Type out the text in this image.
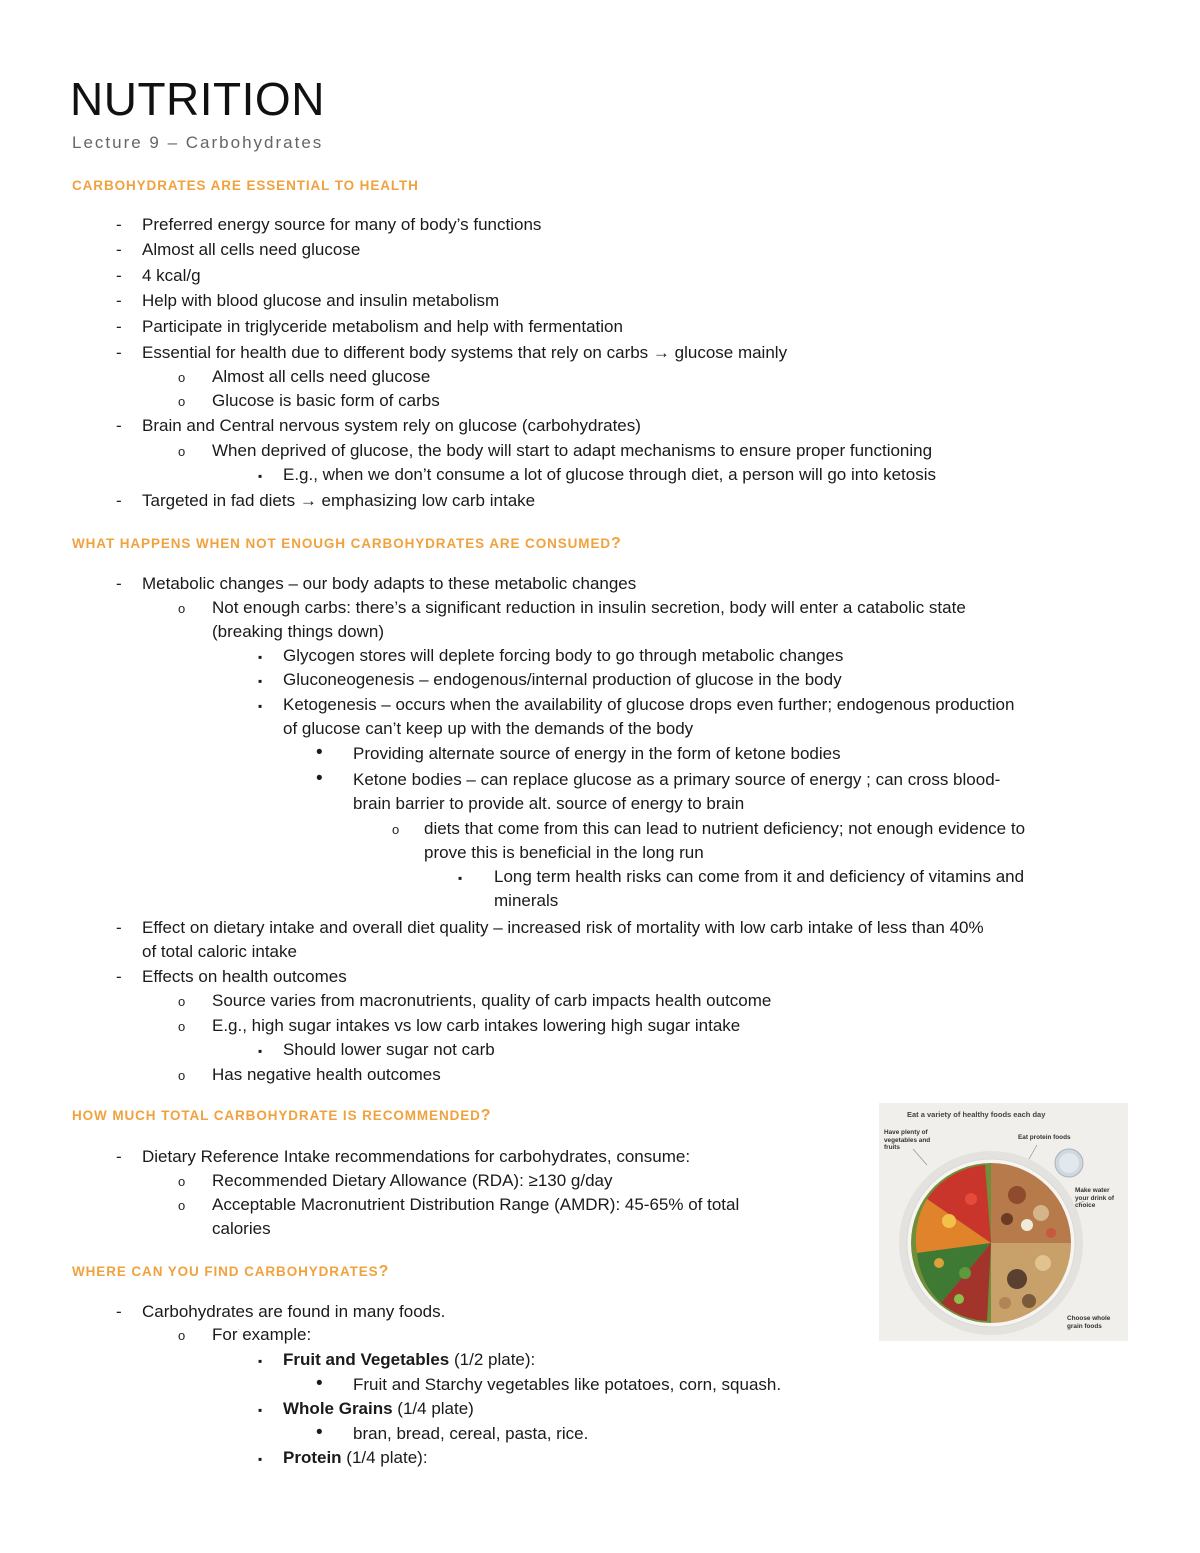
NUTRITION
Lecture 9 – Carbohydrates
CARBOHYDRATES ARE ESSENTIAL TO HEALTH
- Preferred energy source for many of body’s functions
- Almost all cells need glucose
- 4 kcal/g
- Help with blood glucose and insulin metabolism
- Participate in triglyceride metabolism and help with fermentation
- Essential for health due to different body systems that rely on carbs → glucose mainly
o Almost all cells need glucose
o Glucose is basic form of carbs
- Brain and Central nervous system rely on glucose (carbohydrates)
o When deprived of glucose, the body will start to adapt mechanisms to ensure proper functioning
▪ E.g., when we don’t consume a lot of glucose through diet, a person will go into ketosis
- Targeted in fad diets → emphasizing low carb intake
WHAT HAPPENS WHEN NOT ENOUGH CARBOHYDRATES ARE CONSUMED?
- Metabolic changes – our body adapts to these metabolic changes
o Not enough carbs: there’s a significant reduction in insulin secretion, body will enter a catabolic state
(breaking things down)
▪ Glycogen stores will deplete forcing body to go through metabolic changes
▪ Gluconeogenesis – endogenous/internal production of glucose in the body
▪ Ketogenesis – occurs when the availability of glucose drops even further; endogenous production
of glucose can’t keep up with the demands of the body
• Providing alternate source of energy in the form of ketone bodies
• Ketone bodies – can replace glucose as a primary source of energy ; can cross blood-
brain barrier to provide alt. source of energy to brain
o diets that come from this can lead to nutrient deficiency; not enough evidence to
prove this is beneficial in the long run
▪ Long term health risks can come from it and deficiency of vitamins and
minerals
- Effect on dietary intake and overall diet quality – increased risk of mortality with low carb intake of less than 40%
of total caloric intake
- Effects on health outcomes
o Source varies from macronutrients, quality of carb impacts health outcome
o E.g., high sugar intakes vs low carb intakes lowering high sugar intake
▪ Should lower sugar not carb
o Has negative health outcomes
HOW MUCH TOTAL CARBOHYDRATE IS RECOMMENDED?
- Dietary Reference Intake recommendations for carbohydrates, consume:
o Recommended Dietary Allowance (RDA): ≥130 g/day
o Acceptable Macronutrient Distribution Range (AMDR): 45-65% of total
calories
WHERE CAN YOU FIND CARBOHYDRATES?
- Carbohydrates are found in many foods.
o For example:
▪ Fruit and Vegetables (1/2 plate):
• Fruit and Starchy vegetables like potatoes, corn, squash.
▪ Whole Grains (1/4 plate)
• bran, bread, cereal, pasta, rice.
▪ Protein (1/4 plate):
Eat a variety of healthy foods each day
Have plenty of vegetables and fruits
Eat protein foods
Make water your drink of choice
Choose whole grain foods
